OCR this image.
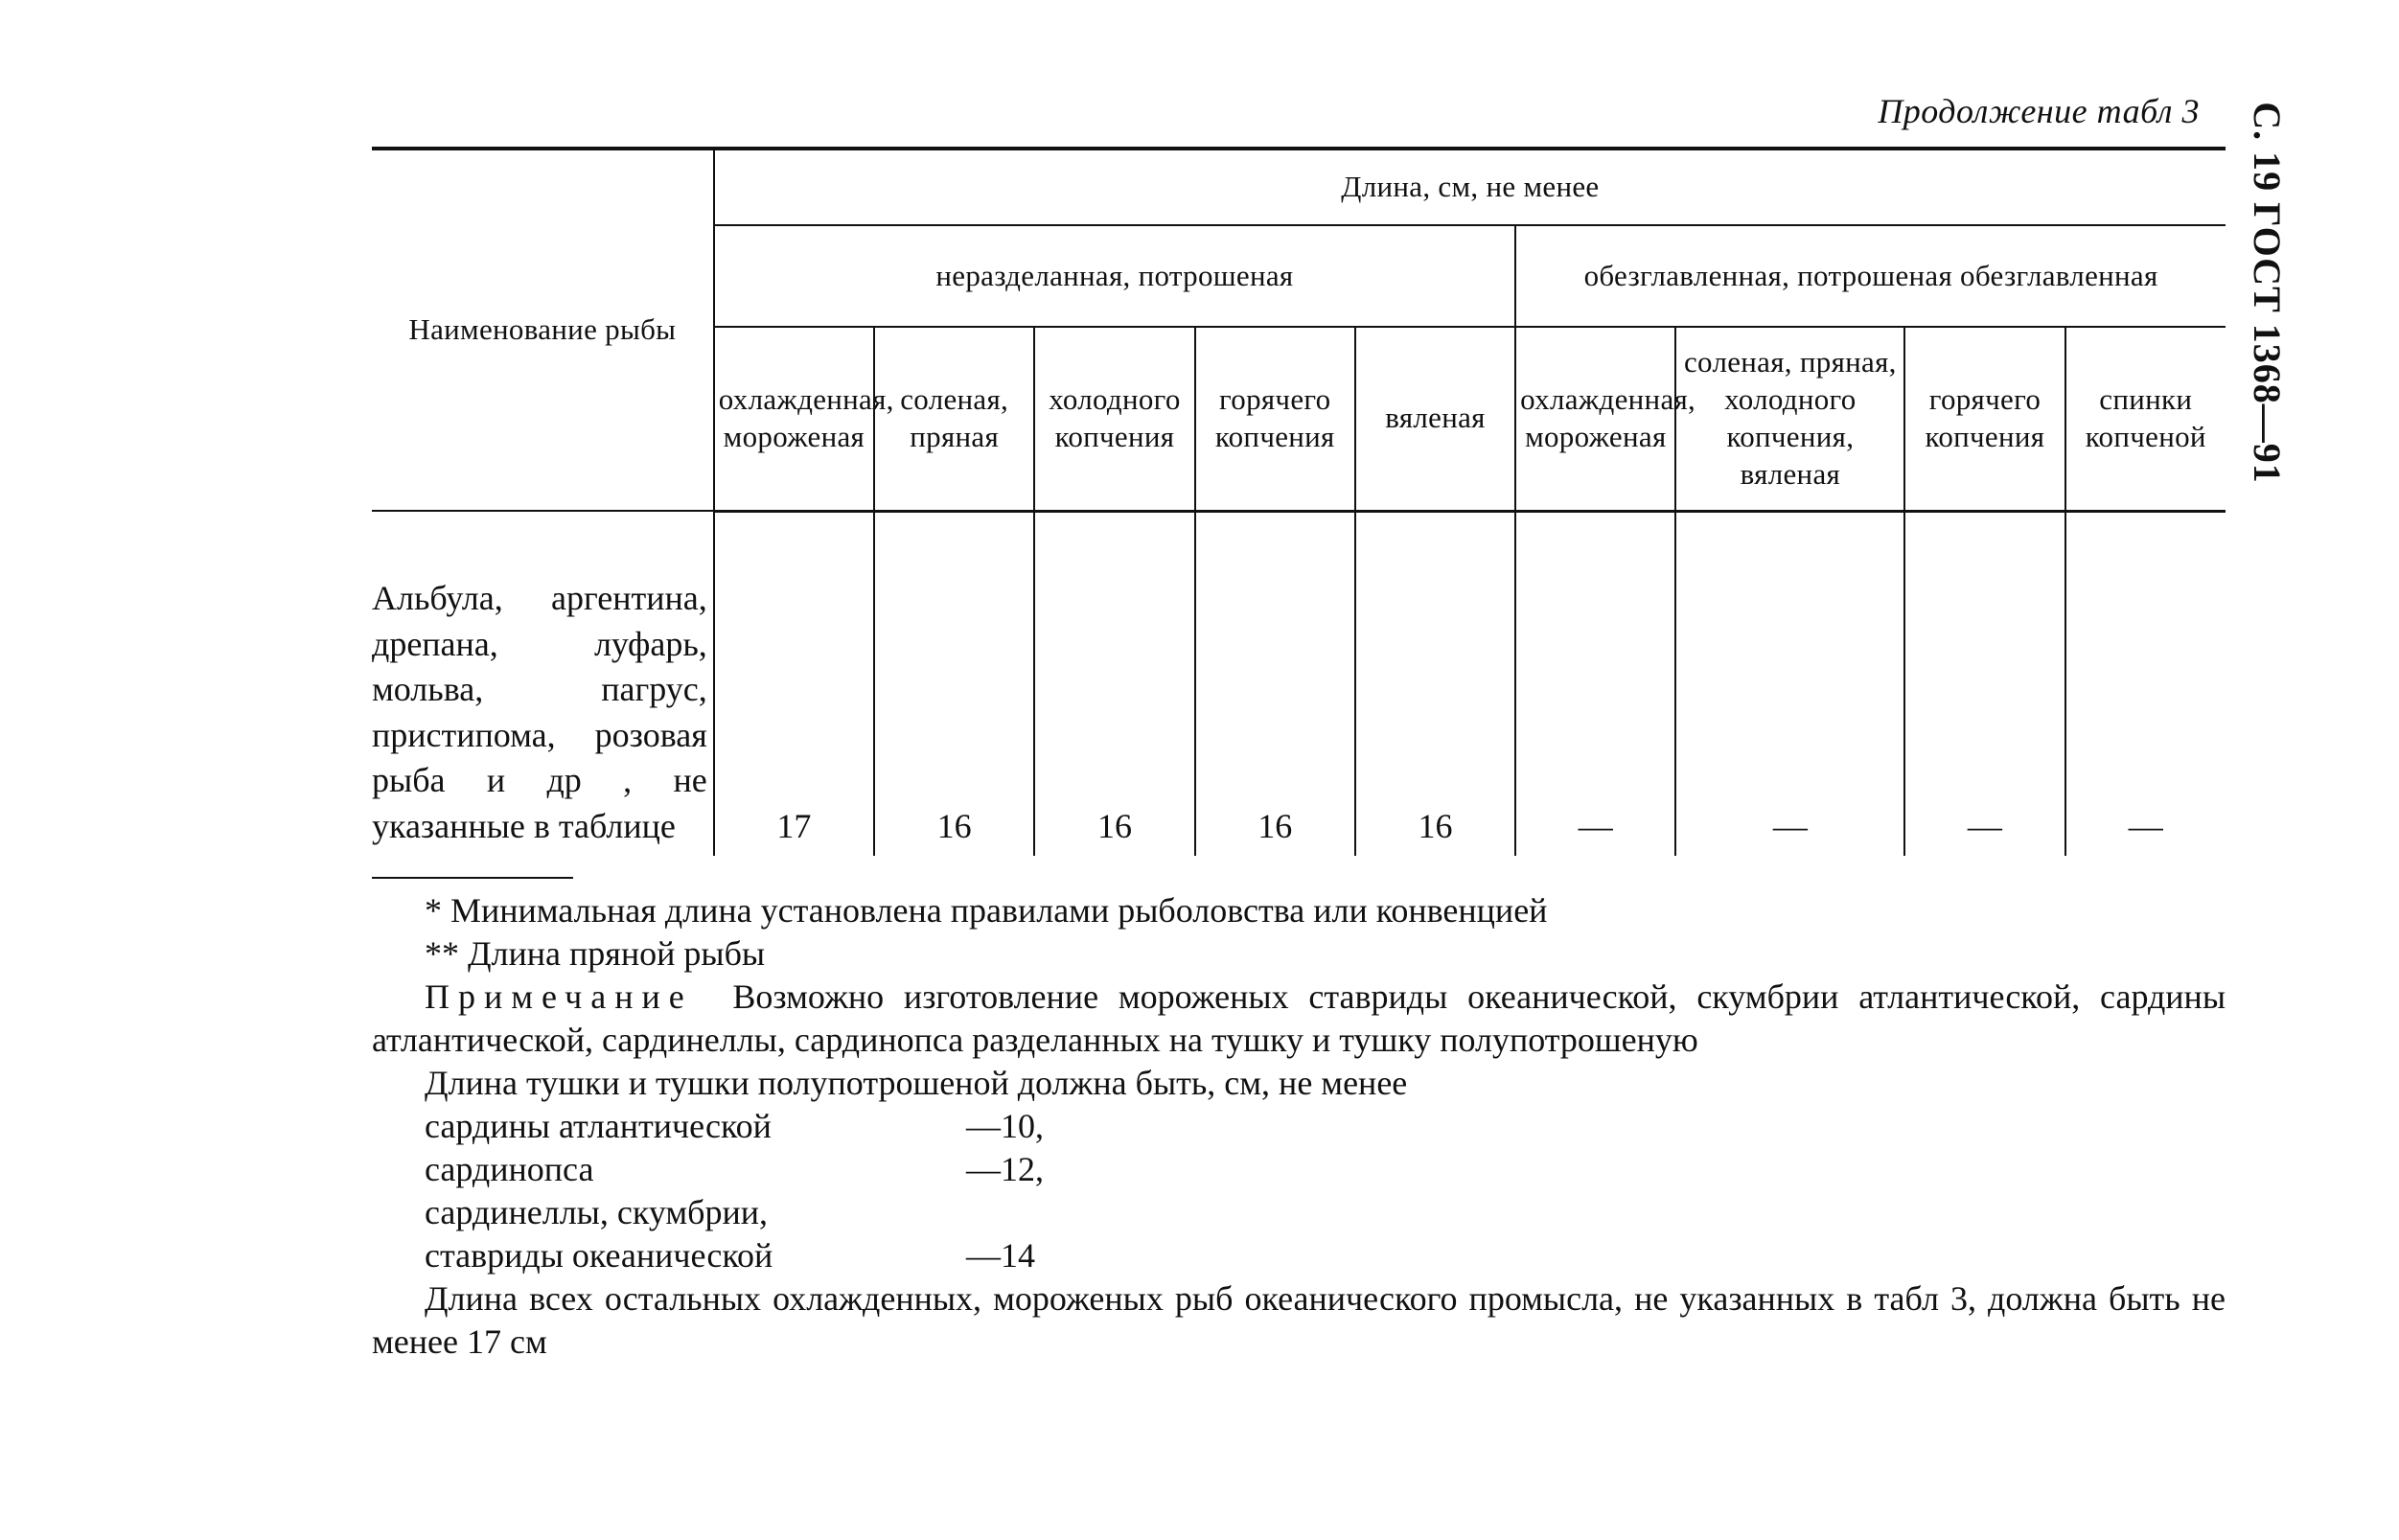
Продолжение табл 3 С. 19 ГОСТ 1368—91
Наименование рыбы	Длина, см, не менее								
	неразделанная, потрошеная					обезглавленная, потрошеная обезглавленная			
	охлажденная, мороженая	соленая, пряная	холодного копчения	горячего копчения	вяленая	охлажденная, мороженая	соленая, пряная, холодного копчения, вяленая	горячего копчения	спинки копченой
Альбула, аргентина, дрепана, луфарь, мольва, пагрус, пристипома, розовая рыба и др , не указанные в таблице	17	16	16	16	16	—	—	—	—
* Минимальная длина установлена правилами рыболовства или конвенцией
** Длина пряной рыбы

Примечание Возможно изготовление мороженых ставриды океанической, скумбрии атлантической, сардины атлантической, сардинеллы, сардинопса разделанных на тушку и тушку полупотрошеную

Длина тушки и тушки полупотрошеной должна быть, см, не менее

сардины атлантической	—10,
сардинопса	—12,
сардинеллы, скумбрии,
ставриды океанической	—14

Длина всех остальных охлажденных, мороженых рыб океанического промысла, не указанных в табл 3, должна быть не менее 17 см
